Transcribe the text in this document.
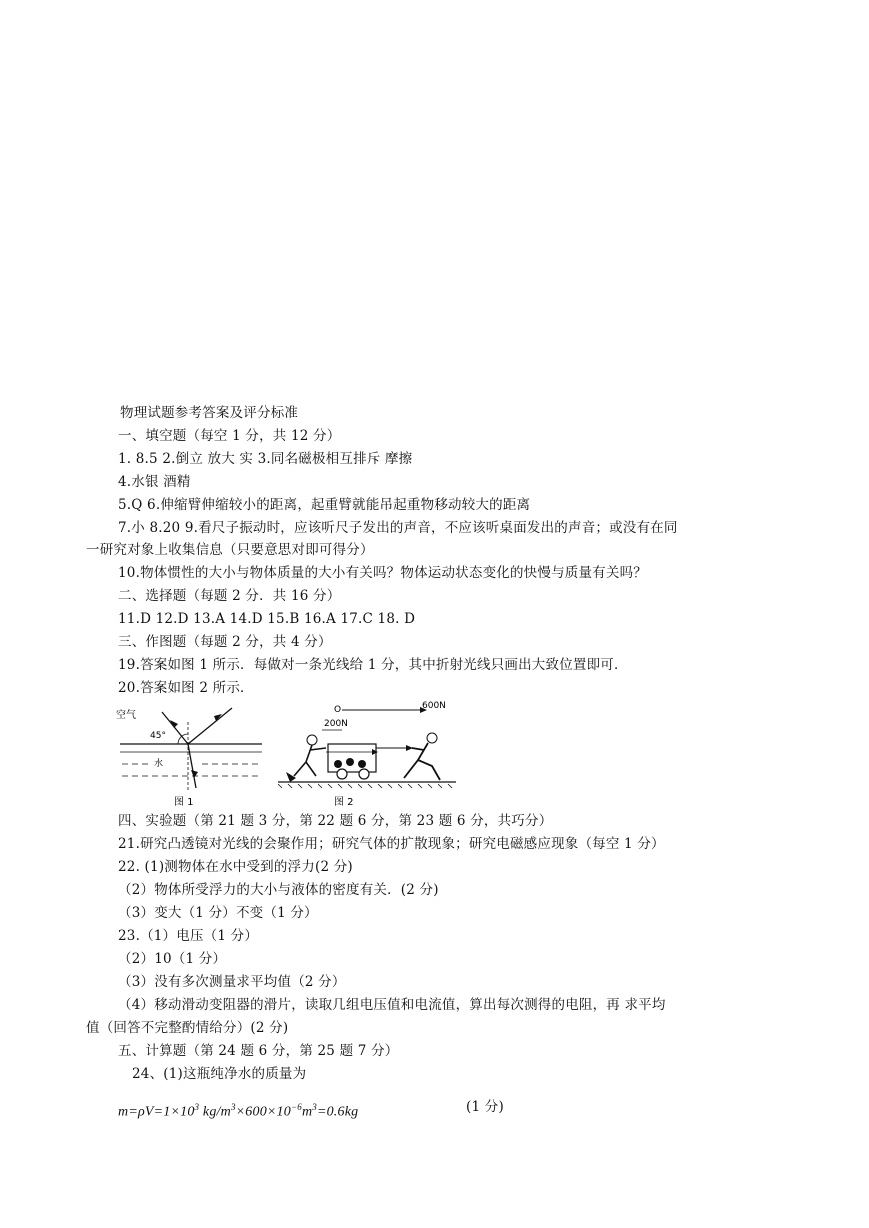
物理试题参考答案及评分标准
一、填空题（每空 1 分，共 12 分）
1. 8.5 2.倒立 放大 实 3.同名磁极相互排斥 摩擦
4.水银 酒精
5.Q 6.伸缩臂伸缩较小的距离，起重臂就能吊起重物移动较大的距离
7.小 8.20 9.看尺子振动时，应该听尺子发出的声音，不应该听桌面发出的声音；或没有在同
一研究对象上收集信息（只要意思对即可得分）
10.物体惯性的大小与物体质量的大小有关吗？物体运动状态变化的快慢与质量有关吗？
二、选择题（每题 2 分．共 16 分）
11.D 12.D 13.A 14.D 15.B 16.A 17.C 18. D
三、作图题（每题 2 分，共 4 分）
19.答案如图 1 所示．每做对一条光线给 1 分，其中折射光线只画出大致位置即可．
20.答案如图 2 所示．
空气
45°
水
图 1
O	600N
200N
图 2
四、实验题（第 21 题 3 分，第 22 题 6 分，第 23 题 6 分，共巧分）
21.研究凸透镜对光线的会聚作用；研究气体的扩散现象；研究电磁感应现象（每空 1 分）
22. (1)测物体在水中受到的浮力(2 分)
（2）物体所受浮力的大小与液体的密度有关．(2 分)
（3）变大（1 分）不变（1 分）
23.（1）电压（1 分）
（2）10（1 分）
（3）没有多次测量求平均值（2 分）
（4）移动滑动变阻器的滑片，读取几组电压值和电流值，算出每次测得的电阻，再 求平均
值（回答不完整酌情给分）(2 分)
五、计算题（第 24 题 6 分，第 25 题 7 分）
24、(1)这瓶纯净水的质量为
$m=\rho V=1\times 10^3$ $kg/m^3\times 600\times 10^{-6}m^3=0.6kg$	(1 分)
